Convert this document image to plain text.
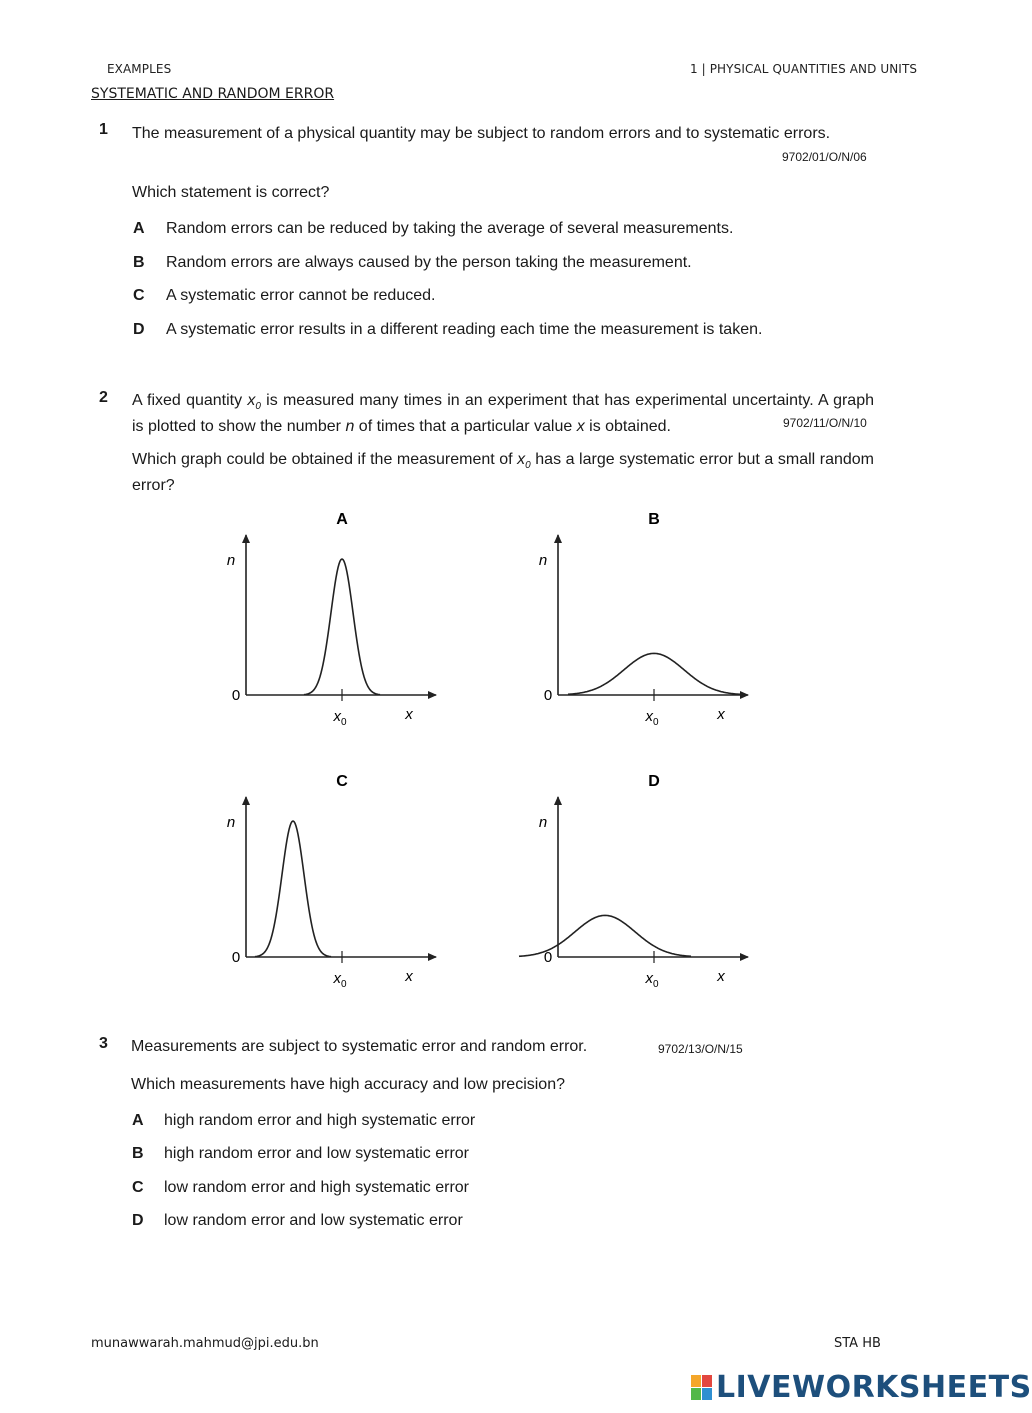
EXAMPLES	1 | PHYSICAL QUANTITIES AND UNITS
SYSTEMATIC AND RANDOM ERROR
1 The measurement of a physical quantity may be subject to random errors and to systematic errors.
9702/01/O/N/06
Which statement is correct?
A Random errors can be reduced by taking the average of several measurements.
B Random errors are always caused by the person taking the measurement.
C A systematic error cannot be reduced.
D A systematic error results in a different reading each time the measurement is taken.
2 A fixed quantity $x_0$ is measured many times in an experiment that has experimental uncertainty. A graph is plotted to show the number n of times that a particular value x is obtained.	9702/11/O/N/10
Which graph could be obtained if the measurement of $x_0$ has a large systematic error but a small random error?
A
n
0
$x_0$	x
B
n
0
$x_0$	x
C
n
0
$x_0$	x
D
n
0
$x_0$	x
3 Measurements are subject to systematic error and random error.	9702/13/O/N/15
Which measurements have high accuracy and low precision?
A high random error and high systematic error
B high random error and low systematic error
C low random error and high systematic error
D low random error and low systematic error
munawwarah.mahmud@jpi.edu.bn	STA HB
LIVEWORKSHEETS
